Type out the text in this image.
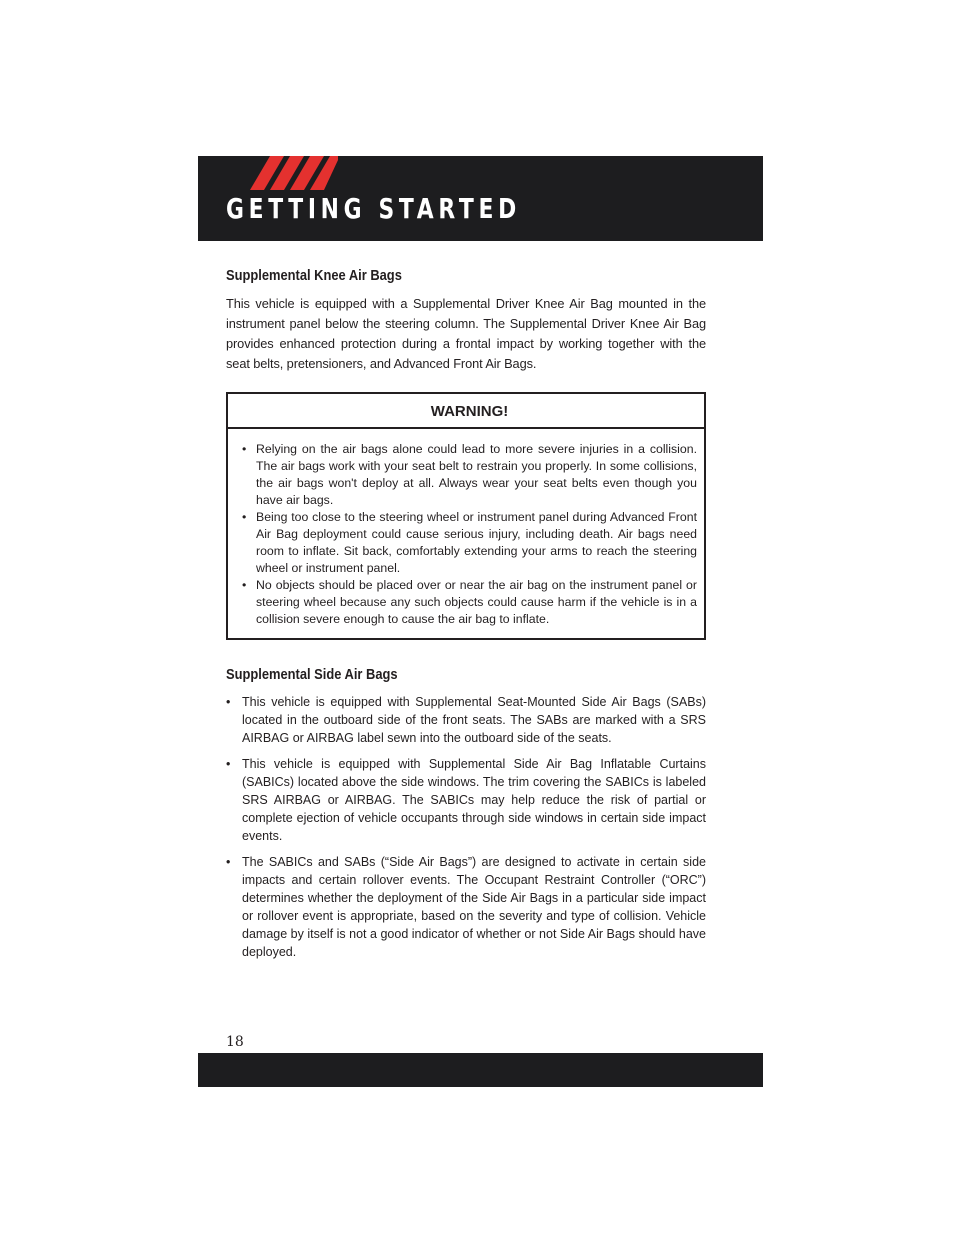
GETTING STARTED
Supplemental Knee Air Bags

This vehicle is equipped with a Supplemental Driver Knee Air Bag mounted in the instrument panel below the steering column. The Supplemental Driver Knee Air Bag provides enhanced protection during a frontal impact by working together with the seat belts, pretensioners, and Advanced Front Air Bags.

WARNING!
• Relying on the air bags alone could lead to more severe injuries in a collision. The air bags work with your seat belt to restrain you properly. In some collisions, the air bags won't deploy at all. Always wear your seat belts even though you have air bags.
• Being too close to the steering wheel or instrument panel during Advanced Front Air Bag deployment could cause serious injury, including death. Air bags need room to inflate. Sit back, comfortably extending your arms to reach the steering wheel or instrument panel.
• No objects should be placed over or near the air bag on the instrument panel or steering wheel because any such objects could cause harm if the vehicle is in a collision severe enough to cause the air bag to inflate.
Supplemental Side Air Bags
• This vehicle is equipped with Supplemental Seat-Mounted Side Air Bags (SABs) located in the outboard side of the front seats. The SABs are marked with a SRS AIRBAG or AIRBAG label sewn into the outboard side of the seats.
• This vehicle is equipped with Supplemental Side Air Bag Inflatable Curtains (SABICs) located above the side windows. The trim covering the SABICs is labeled SRS AIRBAG or AIRBAG. The SABICs may help reduce the risk of partial or complete ejection of vehicle occupants through side windows in certain side impact events.
• The SABICs and SABs (“Side Air Bags”) are designed to activate in certain side impacts and certain rollover events. The Occupant Restraint Controller (“ORC”) determines whether the deployment of the Side Air Bags in a particular side impact or rollover event is appropriate, based on the severity and type of collision. Vehicle damage by itself is not a good indicator of whether or not Side Air Bags should have deployed.
18
